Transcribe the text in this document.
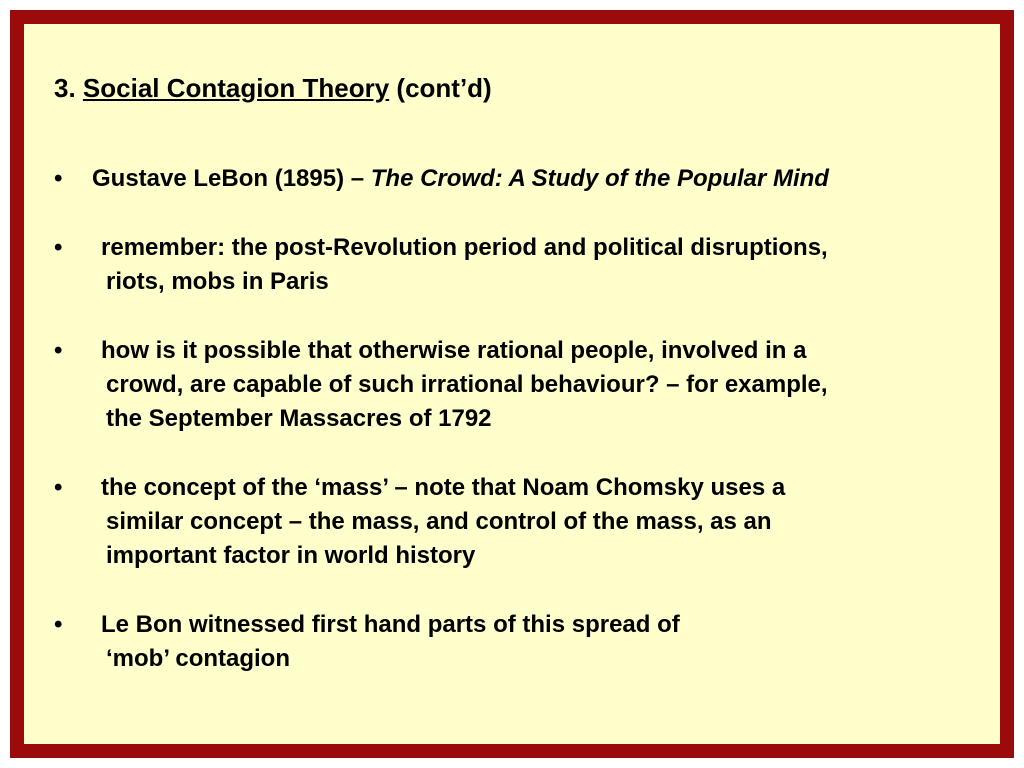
3. Social Contagion Theory (cont’d)
• Gustave LeBon (1895) – The Crowd: A Study of the Popular Mind
• remember: the post-Revolution period and political disruptions,
riots, mobs in Paris
• how is it possible that otherwise rational people, involved in a
crowd, are capable of such irrational behaviour? – for example,
the September Massacres of 1792
• the concept of the ‘mass’ – note that Noam Chomsky uses a
similar concept – the mass, and control of the mass, as an
important factor in world history
• Le Bon witnessed first hand parts of this spread of
‘mob’ contagion
